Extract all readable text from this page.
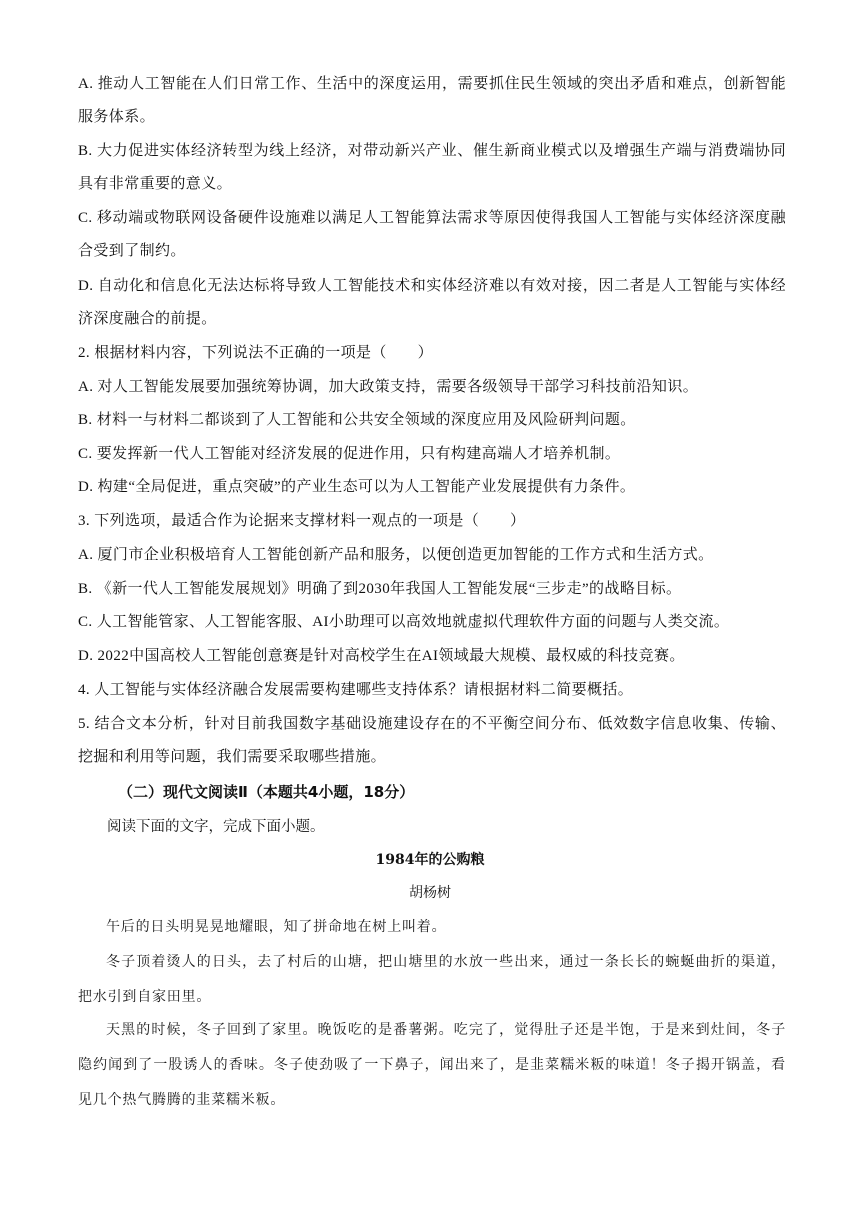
A. 推动人工智能在人们日常工作、生活中的深度运用，需要抓住民生领域的突出矛盾和难点，创新智能服务体系。

B. 大力促进实体经济转型为线上经济，对带动新兴产业、催生新商业模式以及增强生产端与消费端协同具有非常重要的意义。

C. 移动端或物联网设备硬件设施难以满足人工智能算法需求等原因使得我国人工智能与实体经济深度融合受到了制约。

D. 自动化和信息化无法达标将导致人工智能技术和实体经济难以有效对接，因二者是人工智能与实体经济深度融合的前提。

2. 根据材料内容，下列说法不正确的一项是（　　）

A. 对人工智能发展要加强统筹协调，加大政策支持，需要各级领导干部学习科技前沿知识。

B. 材料一与材料二都谈到了人工智能和公共安全领域的深度应用及风险研判问题。

C. 要发挥新一代人工智能对经济发展的促进作用，只有构建高端人才培养机制。

D. 构建“全局促进，重点突破”的产业生态可以为人工智能产业发展提供有力条件。

3. 下列选项，最适合作为论据来支撑材料一观点的一项是（　　）

A. 厦门市企业积极培育人工智能创新产品和服务，以便创造更加智能的工作方式和生活方式。

B. 《新一代人工智能发展规划》明确了到2030年我国人工智能发展“三步走”的战略目标。

C. 人工智能管家、人工智能客服、AI小助理可以高效地就虚拟代理软件方面的问题与人类交流。

D. 2022中国高校人工智能创意赛是针对高校学生在AI领域最大规模、最权威的科技竞赛。

4. 人工智能与实体经济融合发展需要构建哪些支持体系？请根据材料二简要概括。

5. 结合文本分析，针对目前我国数字基础设施建设存在的不平衡空间分布、低效数字信息收集、传输、挖掘和利用等问题，我们需要采取哪些措施。

（二）现代文阅读Ⅱ（本题共4小题，18分）

阅读下面的文字，完成下面小题。

1984年的公购粮

胡杨树

午后的日头明晃晃地耀眼，知了拼命地在树上叫着。

冬子顶着烫人的日头，去了村后的山塘，把山塘里的水放一些出来，通过一条长长的蜿蜒曲折的渠道，把水引到自家田里。

天黑的时候，冬子回到了家里。晚饭吃的是番薯粥。吃完了，觉得肚子还是半饱，于是来到灶间，冬子隐约闻到了一股诱人的香味。冬子使劲吸了一下鼻子，闻出来了，是韭菜糯米粄的味道！冬子揭开锅盖，看见几个热气腾腾的韭菜糯米粄。
